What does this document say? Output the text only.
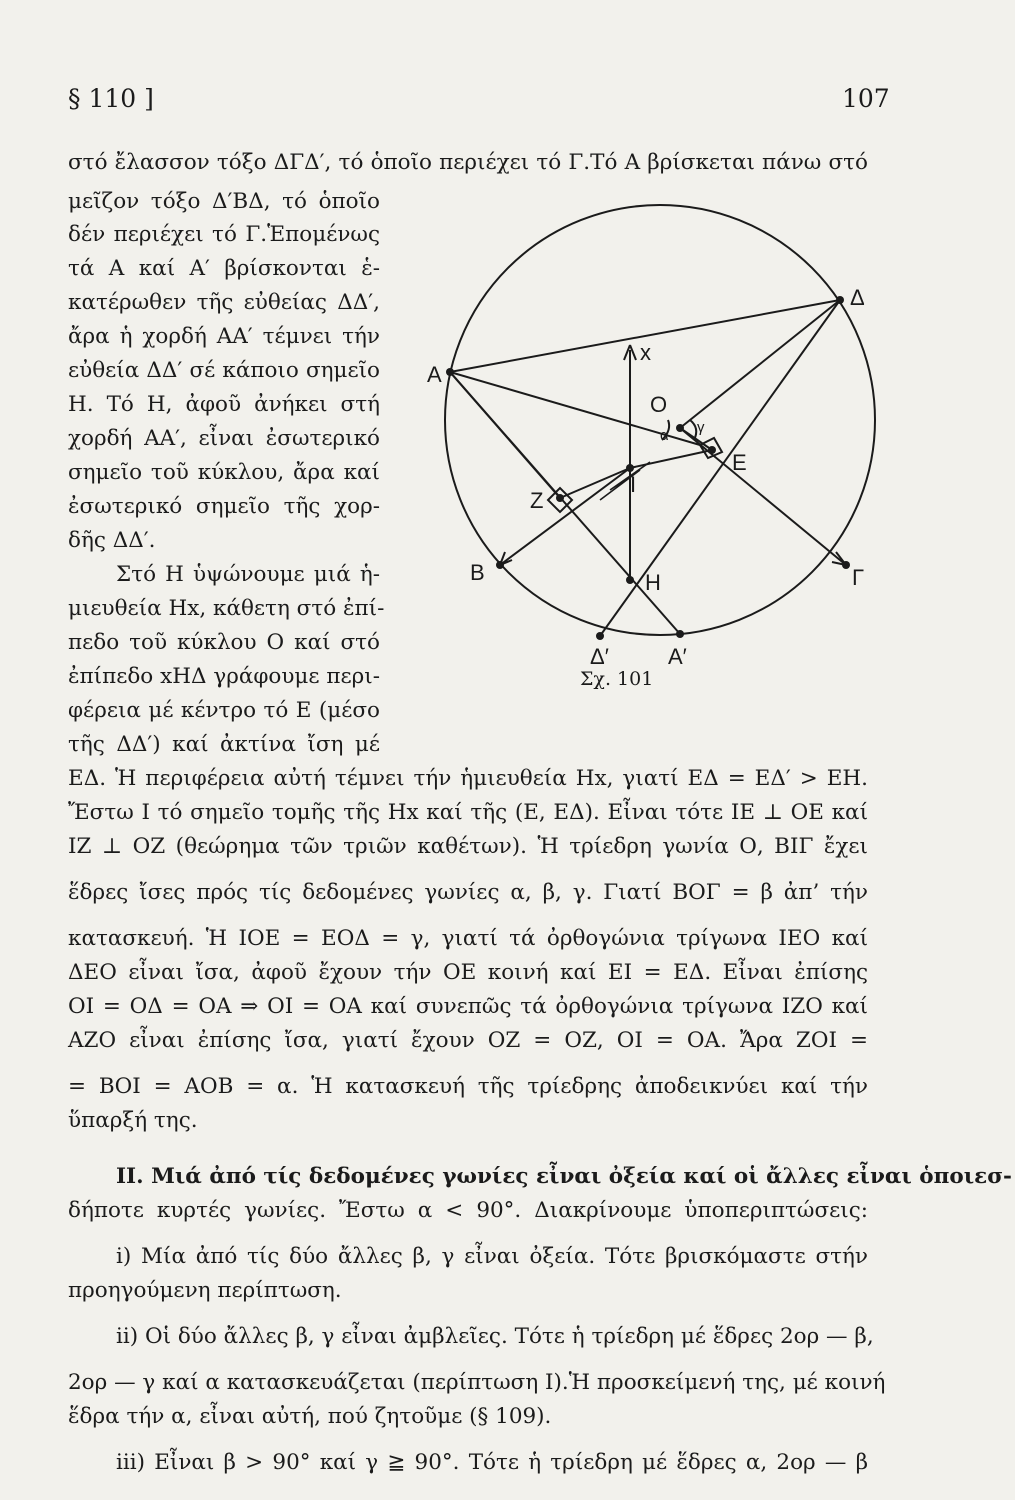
§ 110 ]	107
στό ἔλασσον τόξο ΔΓΔ′, τό ὁποῖο περιέχει τό Γ.Τό Α βρίσκεται πάνω στό
μεῖζον τόξο Δ′ΒΔ, τό ὁποῖο
δέν περιέχει τό Γ.Ἑπομένως
τά Α καί Α′ βρίσκονται ἑ-
κατέρωθεν τῆς εὐθείας ΔΔ′,
ἄρα ἡ χορδή ΑΑ′ τέμνει τήν
εὐθεία ΔΔ′ σέ κάποιο σημεῖο
Η. Τό Η, ἀφοῦ ἀνήκει στή
χορδή ΑΑ′, εἶναι ἐσωτερικό
σημεῖο τοῦ κύκλου, ἄρα καί
ἐσωτερικό σημεῖο τῆς χορ-
δῆς ΔΔ′.
Στό Η ὑψώνουμε μιά ἡ-
μιευθεία Ηx, κάθετη στό ἐπί-
πεδο τοῦ κύκλου Ο καί στό
ἐπίπεδο xΗΔ γράφουμε περι-
φέρεια μέ κέντρο τό Ε (μέσο
τῆς ΔΔ′) καί ἀκτίνα ἴση μέ
ΕΔ. Ἡ περιφέρεια αὐτή τέμνει τήν ἡμιευθεία Ηx, γιατί ΕΔ = ΕΔ′ > ΕΗ.
Ἔστω Ι τό σημεῖο τομῆς τῆς Ηx καί τῆς (Ε, ΕΔ). Εἶναι τότε ΙΕ ⊥ ΟΕ καί
ΙΖ ⊥ ΟΖ (θεώρημα τῶν τριῶν καθέτων). Ἡ τρίεδρη γωνία Ο, ΒΙΓ ἔχει
ἕδρες ἴσες πρός τίς δεδομένες γωνίες α, β, γ. Γιατί ΒΟΓ = β ἀπ’ τήν
κατασκευή. Ἡ ΙΟΕ = ΕΟΔ = γ, γιατί τά ὀρθογώνια τρίγωνα ΙΕΟ καί
ΔΕΟ εἶναι ἴσα, ἀφοῦ ἔχουν τήν ΟΕ κοινή καί ΕΙ = ΕΔ. Εἶναι ἐπίσης
ΟΙ = ΟΔ = ΟΑ ⇒ ΟΙ = ΟΑ καί συνεπῶς τά ὀρθογώνια τρίγωνα ΙΖΟ καί
ΑΖΟ εἶναι ἐπίσης ἴσα, γιατί ἔχουν ΟΖ = ΟΖ, ΟΙ = ΟΑ. Ἄρα ΖΟΙ =
= ΒΟΙ = ΑΟΒ = α. Ἡ κατασκευή τῆς τρίεδρης ἀποδεικνύει καί τήν
ὕπαρξή της.
ΙΙ. Μιά ἀπό τίς δεδομένες γωνίες εἶναι ὀξεία καί οἱ ἄλλες εἶναι ὁποιεσ-
δήποτε κυρτές γωνίες. Ἔστω α < 90°. Διακρίνουμε ὑποπεριπτώσεις:
i) Μία ἀπό τίς δύο ἄλλες β, γ εἶναι ὀξεία. Τότε βρισκόμαστε στήν
προηγούμενη περίπτωση.
ii) Οἱ δύο ἄλλες β, γ εἶναι ἀμβλεῖες. Τότε ἡ τρίεδρη μέ ἕδρες 2ορ — β,
2ορ — γ καί α κατασκευάζεται (περίπτωση Ι).Ἡ προσκείμενή της, μέ κοινή
ἕδρα τήν α, εἶναι αὐτή, πού ζητοῦμε (§ 109).
iii) Εἶναι β > 90° καί γ ≧ 90°. Τότε ἡ τρίεδρη μέ ἕδρες α, 2ορ — β
Δ
Α
x
Ο
α γ
Ε
Ι
Ζ
Β	Η	Γ
Δ′	Α′
Σχ. 101
